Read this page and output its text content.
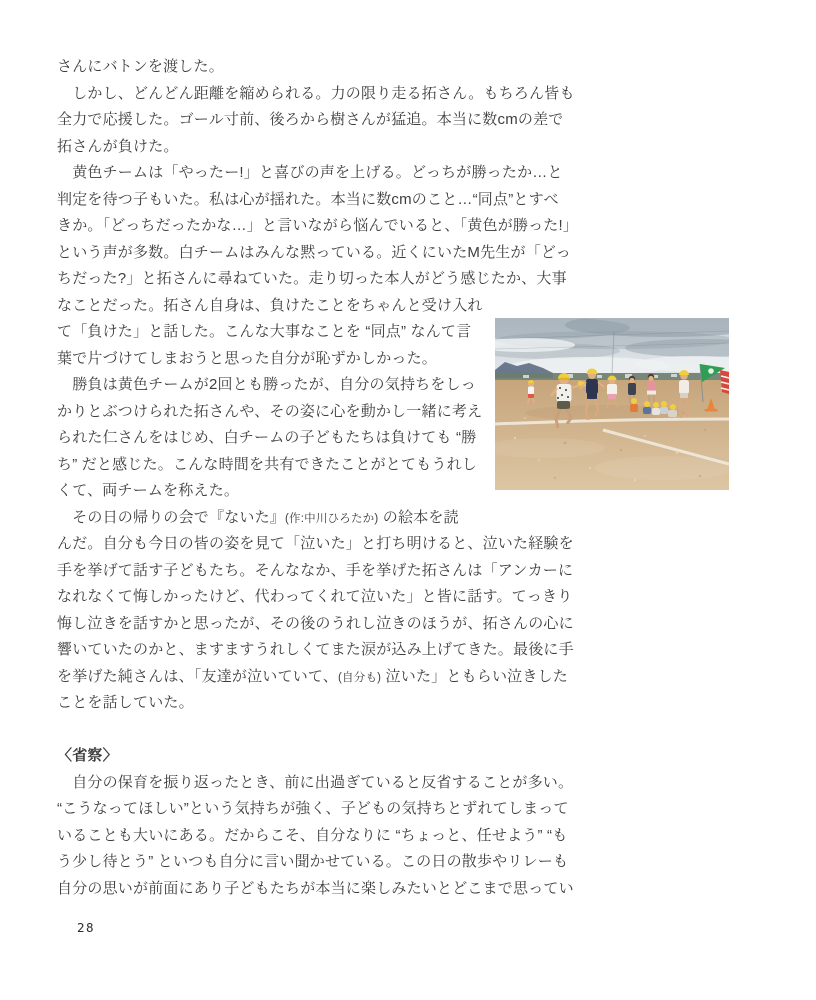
さんにバトンを渡した。
　しかし、どんどん距離を縮められる。力の限り走る拓さん。もちろん皆も
全力で応援した。ゴール寸前、後ろから樹さんが猛追。本当に数cmの差で
拓さんが負けた。
　黄色チームは「やったー!」と喜びの声を上げる。どっちが勝ったか…と
判定を待つ子もいた。私は心が揺れた。本当に数cmのこと…“同点”とすべ
きか。「どっちだったかな…」と言いながら悩んでいると、「黄色が勝った!」
という声が多数。白チームはみんな黙っている。近くにいたM先生が「どっ
ちだった?」と拓さんに尋ねていた。走り切った本人がどう感じたか、大事
なことだった。拓さん自身は、負けたことをちゃんと受け入れ
て「負けた」と話した。こんな大事なことを “同点” なんて言
葉で片づけてしまおうと思った自分が恥ずかしかった。
　勝負は黄色チームが2回とも勝ったが、自分の気持ちをしっ
かりとぶつけられた拓さんや、その姿に心を動かし一緒に考え
られた仁さんをはじめ、白チームの子どもたちは負けても “勝
ち” だと感じた。こんな時間を共有できたことがとてもうれし
くて、両チームを称えた。
　その日の帰りの会で『ないた』(作:中川ひろたか) の絵本を読
んだ。自分も今日の皆の姿を見て「泣いた」と打ち明けると、泣いた経験を
手を挙げて話す子どもたち。そんななか、手を挙げた拓さんは「アンカーに
なれなくて悔しかったけど、代わってくれて泣いた」と皆に話す。てっきり
悔し泣きを話すかと思ったが、その後のうれし泣きのほうが、拓さんの心に
響いていたのかと、ますますうれしくてまた涙が込み上げてきた。最後に手
を挙げた純さんは、「友達が泣いていて、(自分も) 泣いた」ともらい泣きした
ことを話していた。
〈省察〉
　自分の保育を振り返ったとき、前に出過ぎていると反省することが多い。
“こうなってほしい”という気持ちが強く、子どもの気持ちとずれてしまって
いることも大いにある。だからこそ、自分なりに “ちょっと、任せよう” “も
う少し待とう” といつも自分に言い聞かせている。この日の散歩やリレーも
自分の思いが前面にあり子どもたちが本当に楽しみたいとどこまで思ってい
28
